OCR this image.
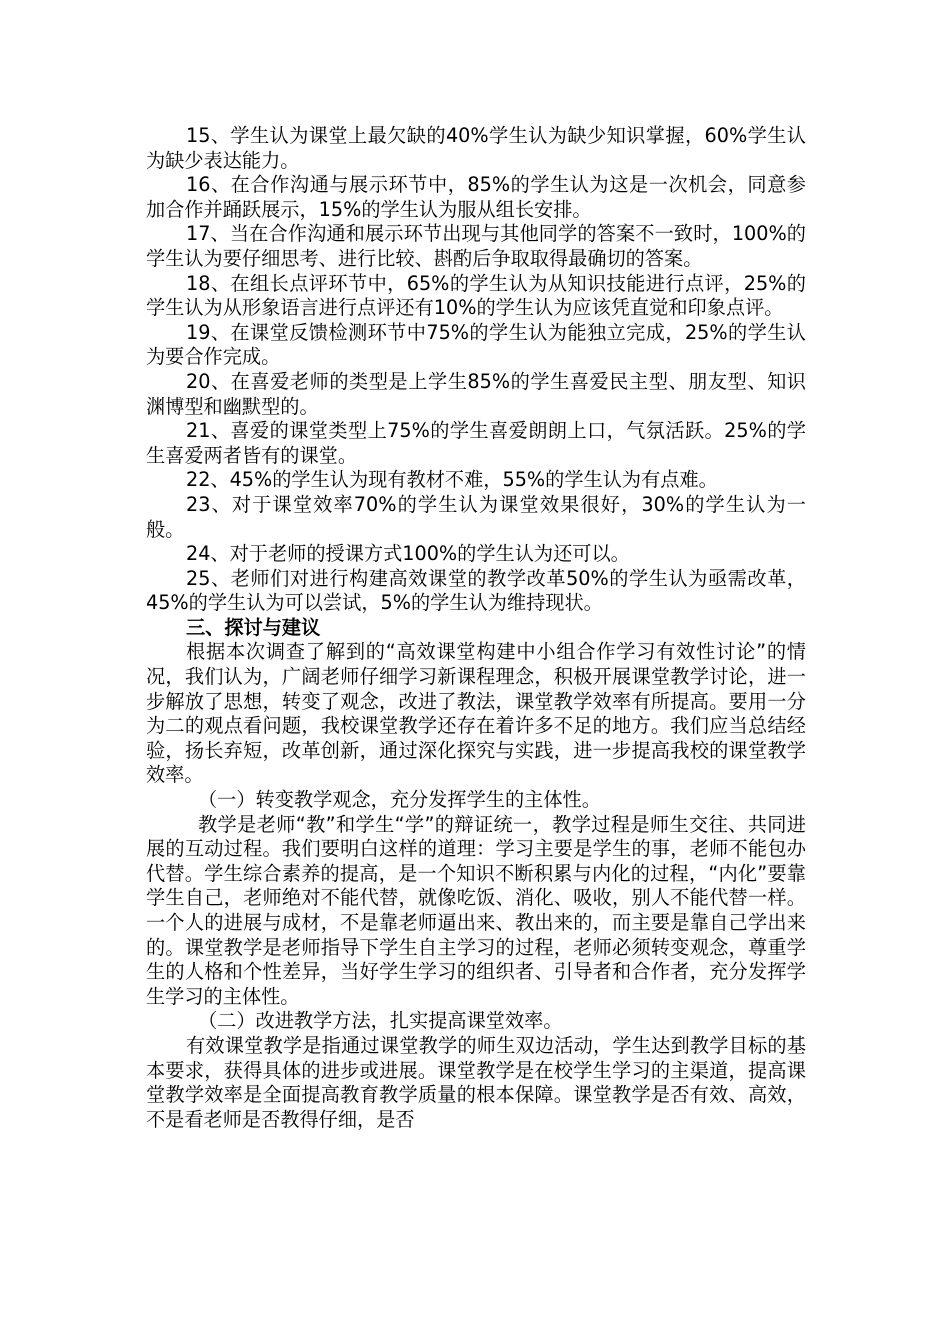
15、学生认为课堂上最欠缺的40%学生认为缺少知识掌握，60%学生认为缺少表达能力。

16、在合作沟通与展示环节中，85%的学生认为这是一次机会，同意参加合作并踊跃展示，15%的学生认为服从组长安排。

17、当在合作沟通和展示环节出现与其他同学的答案不一致时，100%的学生认为要仔细思考、进行比较、斟酌后争取取得最确切的答案。

18、在组长点评环节中，65%的学生认为从知识技能进行点评，25%的学生认为从形象语言进行点评还有10%的学生认为应该凭直觉和印象点评。

19、在课堂反馈检测环节中75%的学生认为能独立完成，25%的学生认为要合作完成。

20、在喜爱老师的类型是上学生85%的学生喜爱民主型、朋友型、知识渊博型和幽默型的。

21、喜爱的课堂类型上75%的学生喜爱朗朗上口，气氛活跃。25%的学生喜爱两者皆有的课堂。

22、45%的学生认为现有教材不难，55%的学生认为有点难。

23、对于课堂效率70%的学生认为课堂效果很好，30%的学生认为一般。

24、对于老师的授课方式100%的学生认为还可以。

25、老师们对进行构建高效课堂的教学改革50%的学生认为亟需改革，45%的学生认为可以尝试，5%的学生认为维持现状。

三、探讨与建议

根据本次调查了解到的“高效课堂构建中小组合作学习有效性讨论”的情况，我们认为，广阔老师仔细学习新课程理念，积极开展课堂教学讨论，进一步解放了思想，转变了观念，改进了教法，课堂教学效率有所提高。要用一分为二的观点看问题，我校课堂教学还存在着许多不足的地方。我们应当总结经验，扬长弃短，改革创新，通过深化探究与实践，进一步提高我校的课堂教学效率。

（一）转变教学观念，充分发挥学生的主体性。

教学是老师“教”和学生“学”的辩证统一，教学过程是师生交往、共同进展的互动过程。我们要明白这样的道理：学习主要是学生的事，老师不能包办代替。学生综合素养的提高，是一个知识不断积累与内化的过程，“内化”要靠学生自己，老师绝对不能代替，就像吃饭、消化、吸收，别人不能代替一样。一个人的进展与成材，不是靠老师逼出来、教出来的，而主要是靠自己学出来的。课堂教学是老师指导下学生自主学习的过程，老师必须转变观念，尊重学生的人格和个性差异，当好学生学习的组织者、引导者和合作者，充分发挥学生学习的主体性。

（二）改进教学方法，扎实提高课堂效率。

有效课堂教学是指通过课堂教学的师生双边活动，学生达到教学目标的基本要求，获得具体的进步或进展。课堂教学是在校学生学习的主渠道，提高课堂教学效率是全面提高教育教学质量的根本保障。课堂教学是否有效、高效，不是看老师是否教得仔细，是否
